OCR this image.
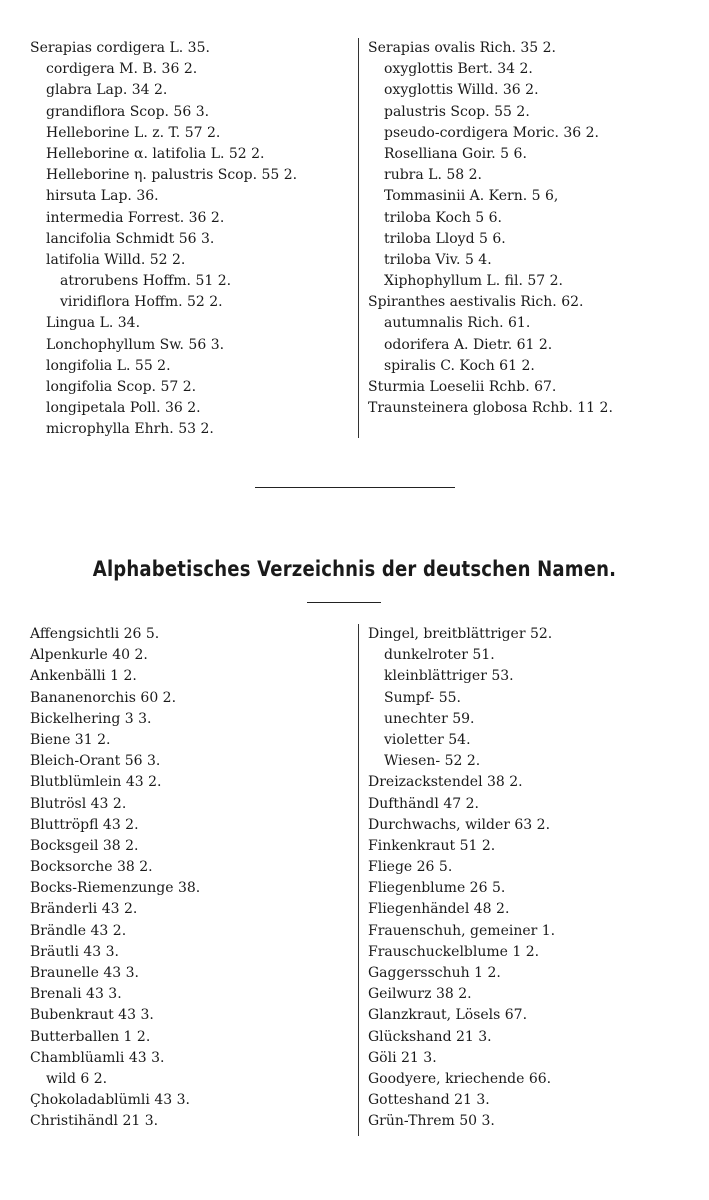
Serapias cordigera L. 35.
cordigera M. B. 36 2.
glabra Lap. 34 2.
grandiflora Scop. 56 3.
Helleborine L. z. T. 57 2.
Helleborine α. latifolia L. 52 2.
Helleborine η. palustris Scop. 55 2.
hirsuta Lap. 36.
intermedia Forrest. 36 2.
lancifolia Schmidt 56 3.
latifolia Willd. 52 2.
atrorubens Hoffm. 51 2.
viridiflora Hoffm. 52 2.
Lingua L. 34.
Lonchophyllum Sw. 56 3.
longifolia L. 55 2.
longifolia Scop. 57 2.
longipetala Poll. 36 2.
microphylla Ehrh. 53 2.
Serapias ovalis Rich. 35 2.
oxyglottis Bert. 34 2.
oxyglottis Willd. 36 2.
palustris Scop. 55 2.
pseudo-cordigera Moric. 36 2.
Roselliana Goir. 5 6.
rubra L. 58 2.
Tommasinii A. Kern. 5 6,
triloba Koch 5 6.
triloba Lloyd 5 6.
triloba Viv. 5 4.
Xiphophyllum L. fil. 57 2.
Spiranthes aestivalis Rich. 62.
autumnalis Rich. 61.
odorifera A. Dietr. 61 2.
spiralis C. Koch 61 2.
Sturmia Loeselii Rchb. 67.
Traunsteinera globosa Rchb. 11 2.
Alphabetisches Verzeichnis der deutschen Namen.
Affengsichtli 26 5.
Alpenkurle 40 2.
Ankenbälli 1 2.
Bananenorchis 60 2.
Bickelhering 3 3.
Biene 31 2.
Bleich-Orant 56 3.
Blutblümlein 43 2.
Blutrösl 43 2.
Bluttröpfl 43 2.
Bocksgeil 38 2.
Bocksorche 38 2.
Bocks-Riemenzunge 38.
Bränderli 43 2.
Brändle 43 2.
Bräutli 43 3.
Braunelle 43 3.
Brenali 43 3.
Bubenkraut 43 3.
Butterballen 1 2.
Chamblüamli 43 3.
wild 6 2.
Çhokoladablümli 43 3.
Christihändl 21 3.
Dingel, breitblättriger 52.
dunkelroter 51.
kleinblättriger 53.
Sumpf- 55.
unechter 59.
violetter 54.
Wiesen- 52 2.
Dreizackstendel 38 2.
Dufthändl 47 2.
Durchwachs, wilder 63 2.
Finkenkraut 51 2.
Fliege 26 5.
Fliegenblume 26 5.
Fliegenhändel 48 2.
Frauenschuh, gemeiner 1.
Frauschuckelblume 1 2.
Gaggersschuh 1 2.
Geilwurz 38 2.
Glanzkraut, Lösels 67.
Glückshand 21 3.
Göli 21 3.
Goodyere, kriechende 66.
Gotteshand 21 3.
Grün-Threm 50 3.
